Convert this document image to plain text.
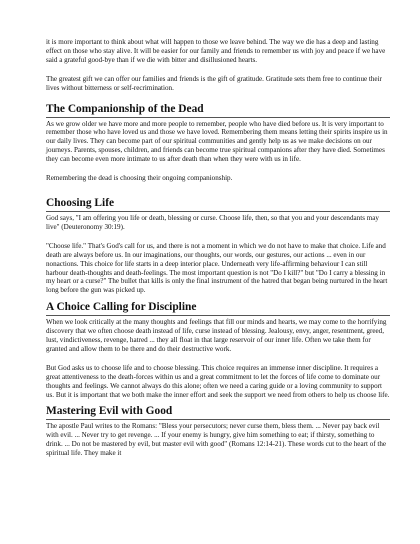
it is more important to think about what will happen to those we leave behind. The way we die has a deep and lasting effect on those who stay alive. It will be easier for our family and friends to remember us with joy and peace if we have said a grateful good-bye than if we die with bitter and disillusioned hearts.

The greatest gift we can offer our families and friends is the gift of gratitude. Gratitude sets them free to continue their lives without bitterness or self-recrimination.

The Companionship of the Dead

As we grow older we have more and more people to remember, people who have died before us. It is very important to remember those who have loved us and those we have loved. Remembering them means letting their spirits inspire us in our daily lives. They can become part of our spiritual communities and gently help us as we make decisions on our journeys. Parents, spouses, children, and friends can become true spiritual companions after they have died. Sometimes they can become even more intimate to us after death than when they were with us in life.

Remembering the dead is choosing their ongoing companionship.

Choosing Life

God says, "I am offering you life or death, blessing or curse. Choose life, then, so that you and your descendants may live" (Deuteronomy 30:19).

"Choose life." That's God's call for us, and there is not a moment in which we do not have to make that choice. Life and death are always before us. In our imaginations, our thoughts, our words, our gestures, our actions ... even in our nonactions. This choice for life starts in a deep interior place. Underneath very life-affirming behaviour I can still harbour death-thoughts and death-feelings. The most important question is not "Do I kill?" but "Do I carry a blessing in my heart or a curse?" The bullet that kills is only the final instrument of the hatred that began being nurtured in the heart long before the gun was picked up.

A Choice Calling for Discipline

When we look critically at the many thoughts and feelings that fill our minds and hearts, we may come to the horrifying discovery that we often choose death instead of life, curse instead of blessing. Jealousy, envy, anger, resentment, greed, lust, vindictiveness, revenge, hatred ... they all float in that large reservoir of our inner life. Often we take them for granted and allow them to be there and do their destructive work.

But God asks us to choose life and to choose blessing. This choice requires an immense inner discipline. It requires a great attentiveness to the death-forces within us and a great commitment to let the forces of life come to dominate our thoughts and feelings. We cannot always do this alone; often we need a caring guide or a loving community to support us. But it is important that we both make the inner effort and seek the support we need from others to help us choose life.

Mastering Evil with Good

The apostle Paul writes to the Romans: "Bless your persecutors; never curse them, bless them. ... Never pay back evil with evil. ... Never try to get revenge. ... If your enemy is hungry, give him something to eat; if thirsty, something to drink. ... Do not be mastered by evil, but master evil with good" (Romans 12:14-21). These words cut to the heart of the spiritual life. They make it
